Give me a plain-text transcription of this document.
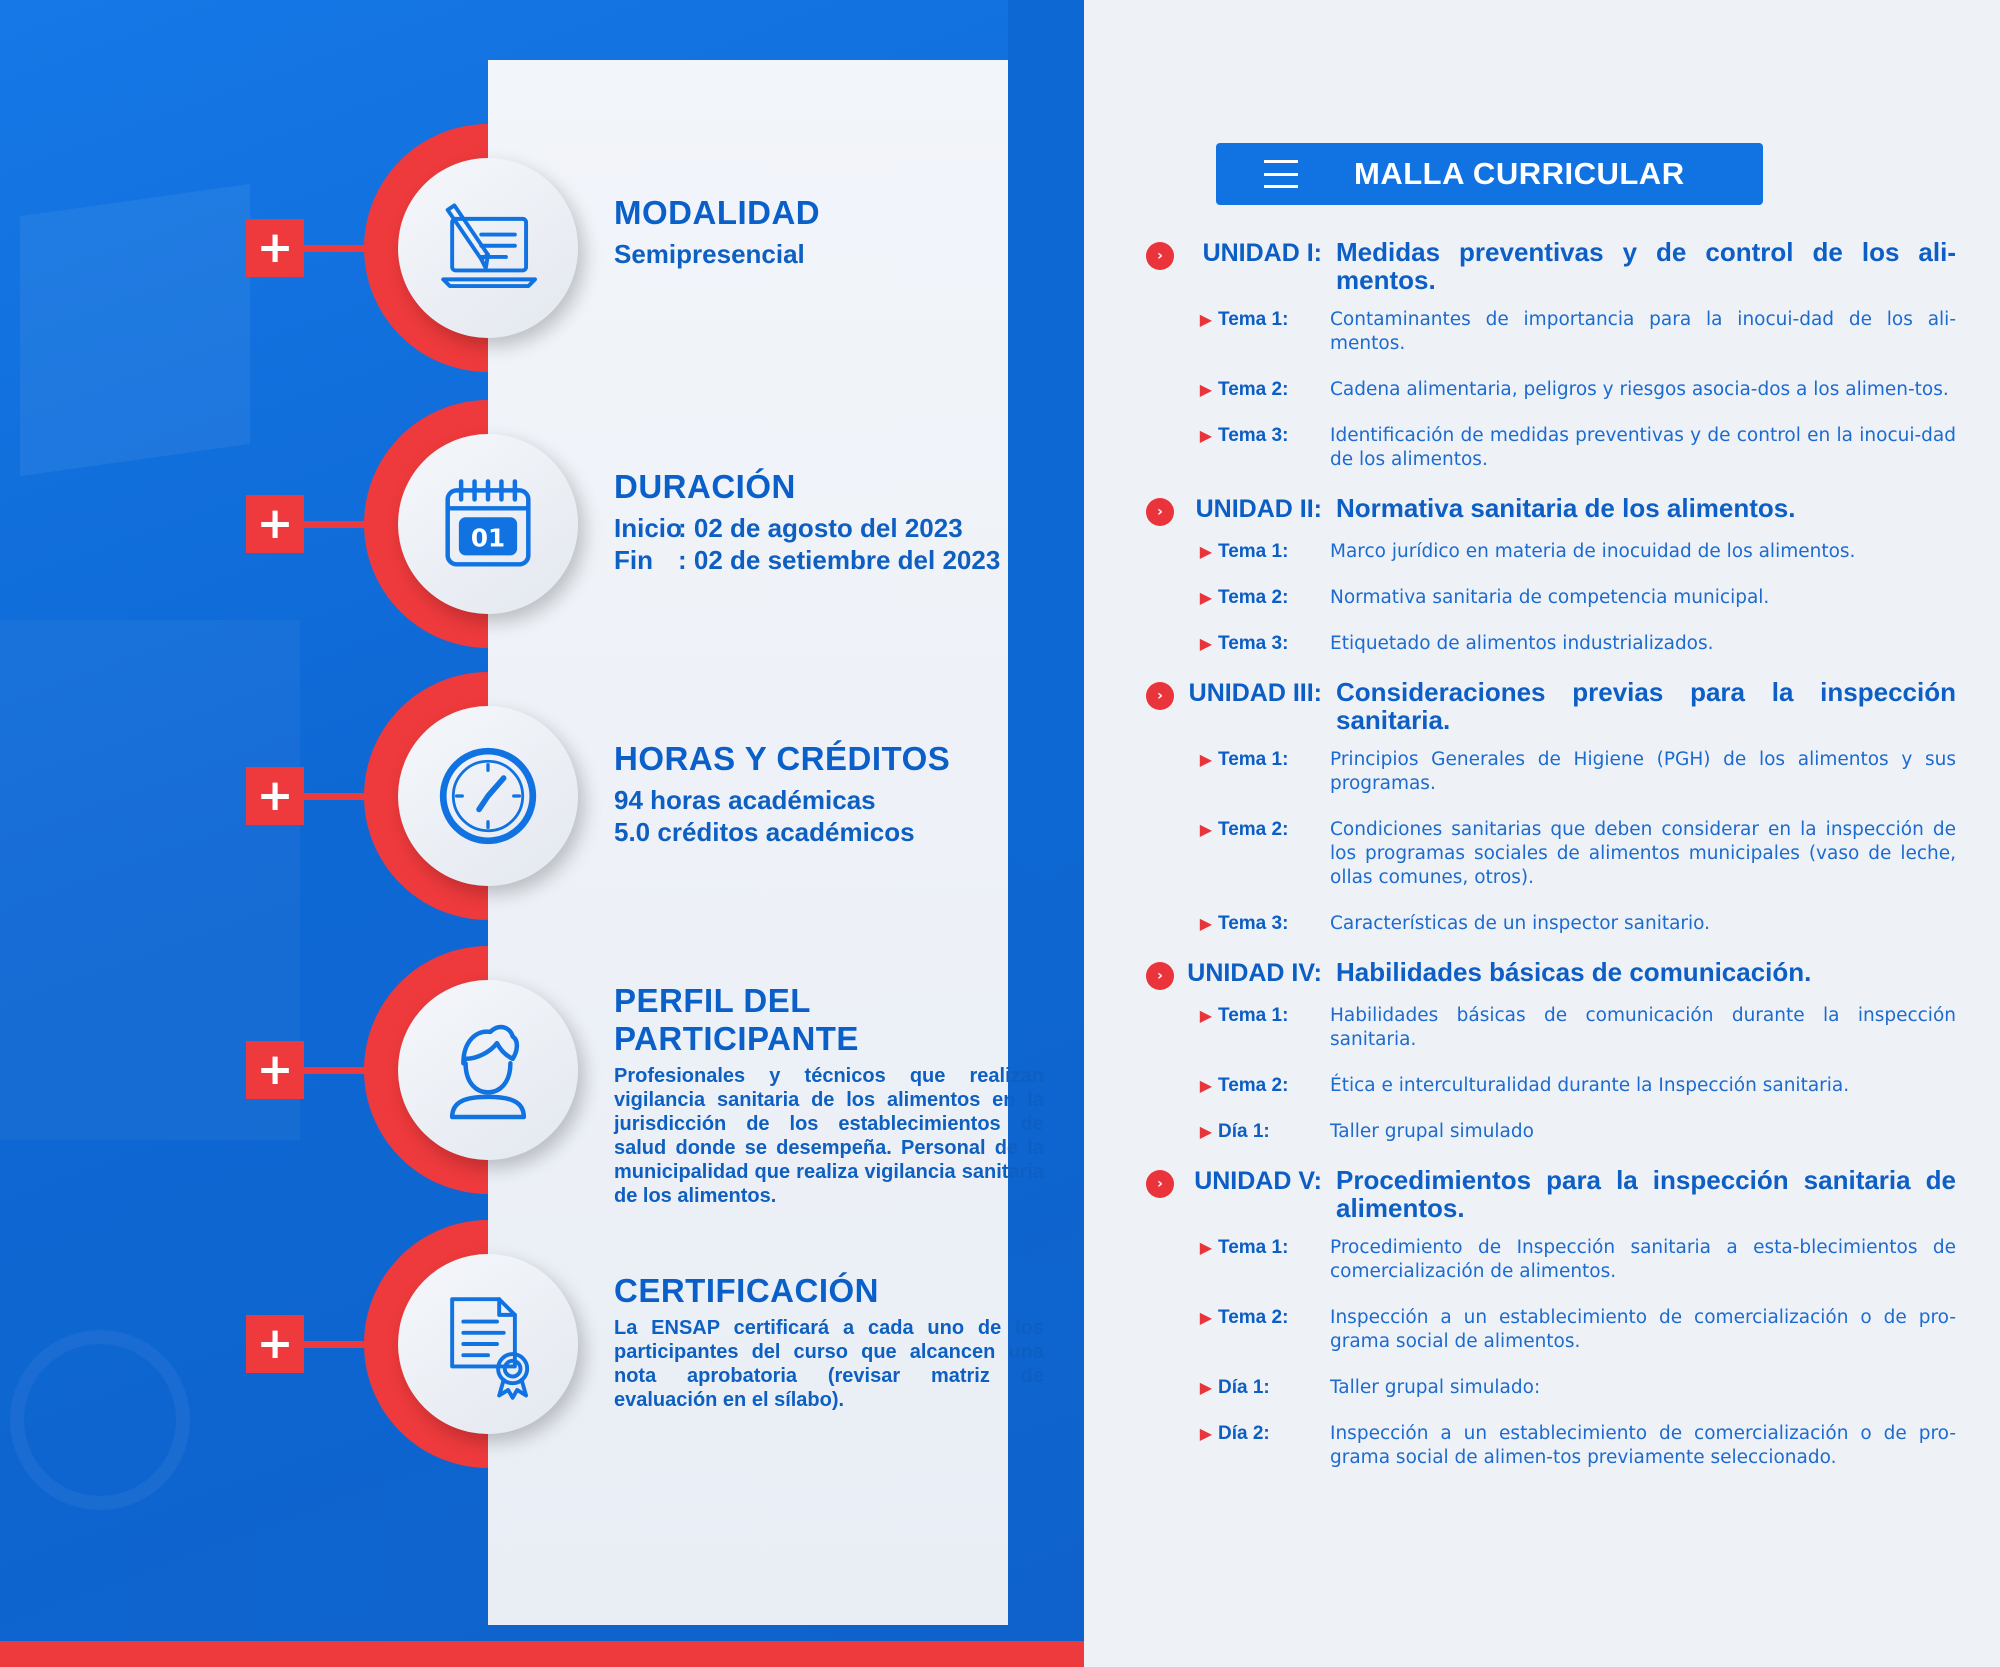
+
MODALIDAD
Semipresencial
+	01
DURACIÓN
Inicio
: 02 de agosto del 2023
Fin : 02 de setiembre del 2023
+
HORAS Y CRÉDITOS
94 horas académicas
5.0 créditos académicos
+
PERFIL DEL PARTICIPANTE
Profesionales y técnicos que realizan vigilancia sanitaria de los alimentos en la jurisdicción de los establecimientos de salud donde se desempeña. Personal de la municipalidad que realiza vigilancia sanitaria de los alimentos.
+
CERTIFICACIÓN
La ENSAP certificará a cada uno de los participantes del curso que alcancen una nota aprobatoria (revisar matriz de evaluación en el sílabo).
MALLA CURRICULAR
›	UNIDAD I: Medidas preventivas y de control de los ali-mentos.
▶ Tema 1:	Contaminantes de importancia para la inocui-dad de los ali-mentos.
▶ Tema 2:	Cadena alimentaria, peligros y riesgos asocia-dos a los alimen-tos.
▶ Tema 3:	Identificación de medidas preventivas y de control en la inocui-dad de los alimentos.
›	UNIDAD II: Normativa sanitaria de los alimentos.
▶ Tema 1:	Marco jurídico en materia de inocuidad de los alimentos.
▶ Tema 2:	Normativa sanitaria de competencia municipal.
▶ Tema 3:	Etiquetado de alimentos industrializados.
›	UNIDAD III: Consideraciones previas para la inspección sanitaria.
▶ Tema 1:	Principios Generales de Higiene (PGH) de los alimentos y sus programas.
▶ Tema 2:	Condiciones sanitarias que deben considerar en la inspección de los programas sociales de alimentos municipales (vaso de leche, ollas comunes, otros).
▶ Tema 3:	Características de un inspector sanitario.
› UNIDAD IV: Habilidades básicas de comunicación.
▶ Tema 1:	Habilidades básicas de comunicación durante la inspección sanitaria.
▶ Tema 2:	Ética e interculturalidad durante la Inspección sanitaria.
▶ Día 1:	Taller grupal simulado
›	UNIDAD V: Procedimientos para la inspección sanitaria de alimentos.
▶ Tema 1:	Procedimiento de Inspección sanitaria a esta-blecimientos de comercialización de alimentos.
▶ Tema 2:	Inspección a un establecimiento de comercialización o de pro-grama social de alimentos.
▶ Día 1:	Taller grupal simulado:
▶ Día 2:	Inspección a un establecimiento de comercialización o de pro-grama social de alimen-tos previamente seleccionado.
